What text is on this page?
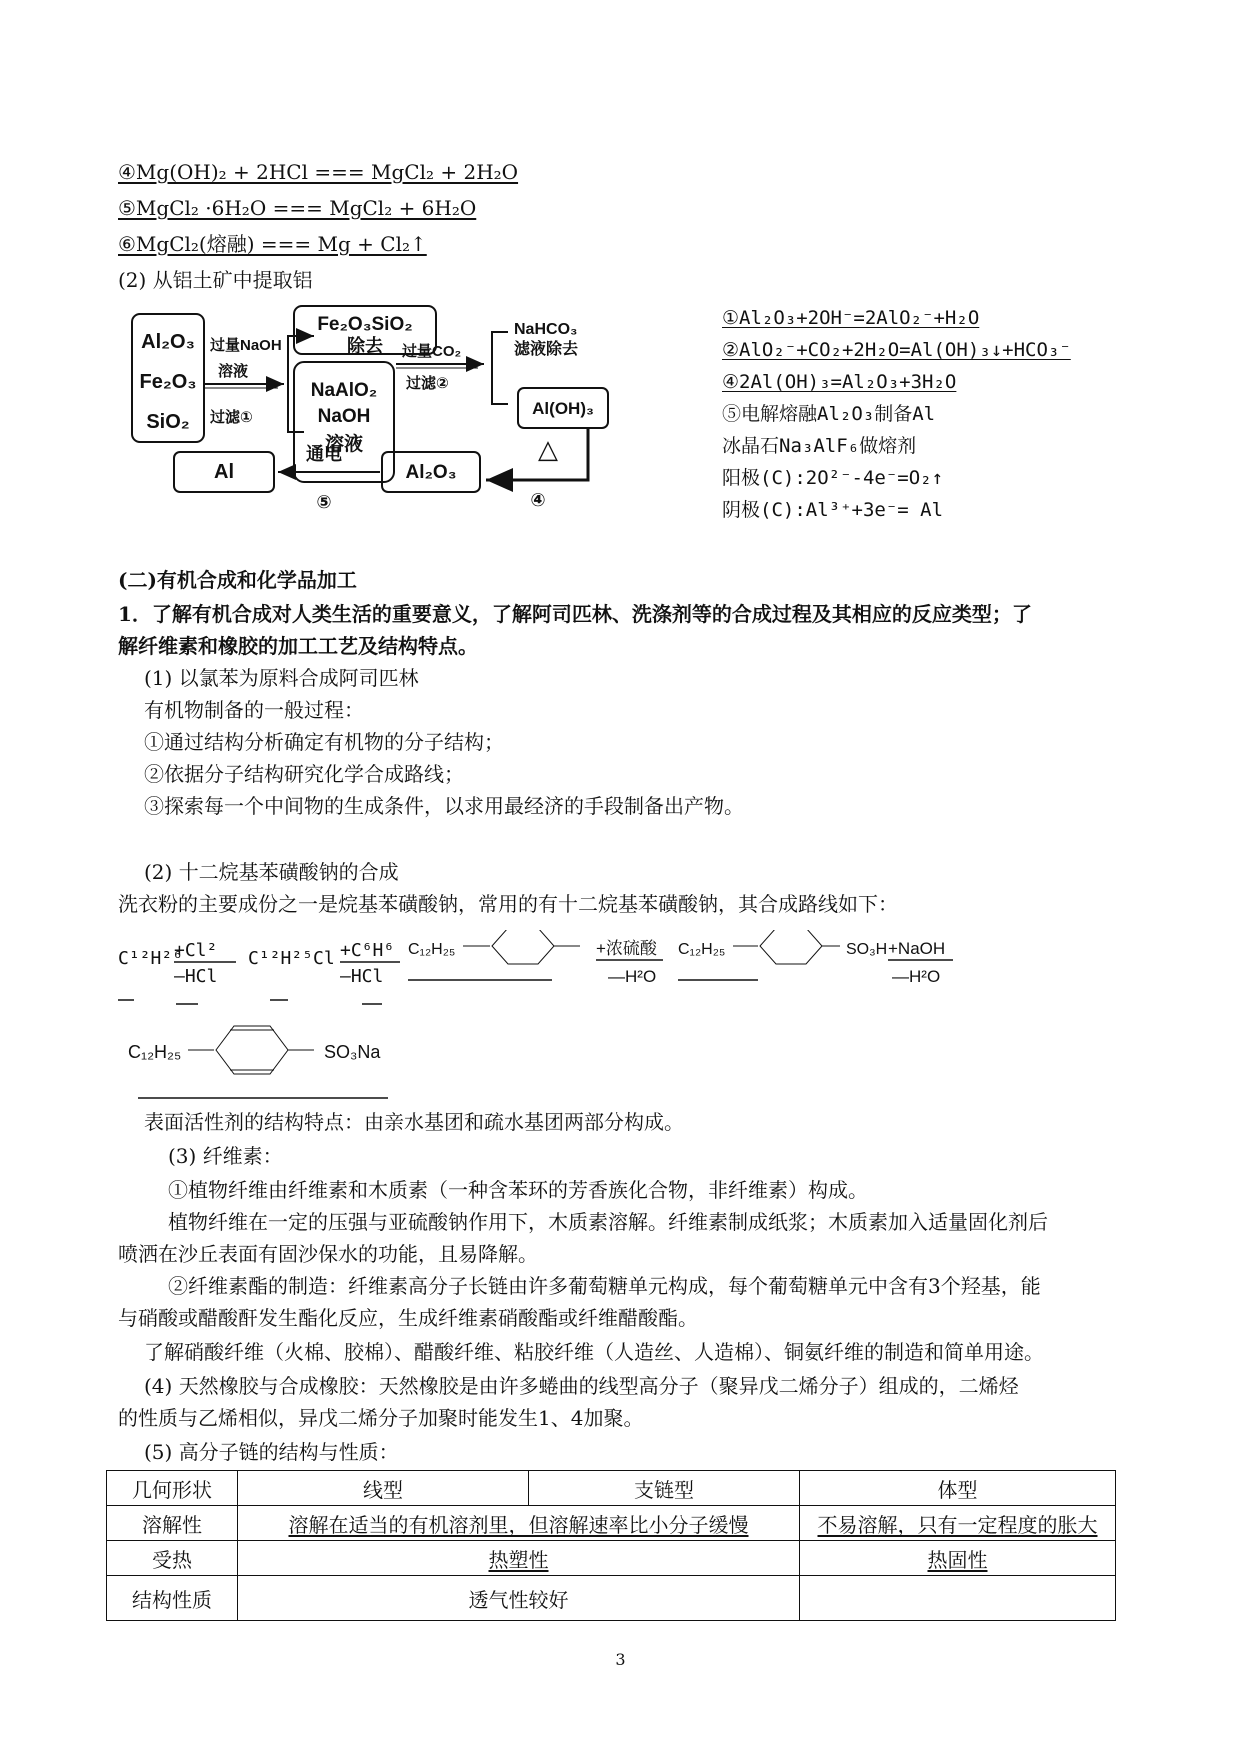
④Mg(OH)₂ + 2HCl === MgCl₂ + 2H₂O
⑤MgCl₂ ·6H₂O === MgCl₂ + 6H₂O
⑥MgCl₂(熔融) === Mg + Cl₂↑
(2) 从铝土矿中提取铝
Al₂O₃
Fe₂O₃
SiO₂
过量NaOH
溶液
过滤①
Fe₂O₃SiO₂
除去
NaAlO₂
NaOH
溶液
过量CO₂
过滤②
NaHCO₃
滤液除去
Al(OH)₃
△
④
Al₂O₃
通电
⑤
Al
①Al₂O₃+2OH⁻=2AlO₂⁻+H₂O
②AlO₂⁻+CO₂+2H₂O=Al(OH)₃↓+HCO₃⁻
④2Al(OH)₃=Al₂O₃+3H₂O
⑤电解熔融Al₂O₃制备Al
冰晶石Na₃AlF₆做熔剂
阳极(C):2O²⁻-4e⁻=O₂↑
阴极(C):Al³⁺+3e⁻= Al
(二)有机合成和化学品加工
1．了解有机合成对人类生活的重要意义，了解阿司匹林、洗涤剂等的合成过程及其相应的反应类型；了
解纤维素和橡胶的加工工艺及结构特点。
(1) 以氯苯为原料合成阿司匹林
有机物制备的一般过程：
①通过结构分析确定有机物的分子结构；
②依据分子结构研究化学合成路线；
③探索每一个中间物的生成条件，以求用最经济的手段制备出产物。
(2) 十二烷基苯磺酸钠的合成
洗衣粉的主要成份之一是烷基苯磺酸钠，常用的有十二烷基苯磺酸钠，其合成路线如下：
C¹²H²⁶
+Cl²
—HCl
C¹²H²⁵Cl +C⁶H⁶
—HCl
C₁₂H₂₅	+浓硫酸
—H²O
C₁₂H₂₅	SO₃H +NaOH
—H²O
C₁₂H₂₅	SO₃Na
表面活性剂的结构特点：由亲水基团和疏水基团两部分构成。
(3) 纤维素：
①植物纤维由纤维素和木质素（一种含苯环的芳香族化合物，非纤维素）构成。
植物纤维在一定的压强与亚硫酸钠作用下，木质素溶解。纤维素制成纸浆；木质素加入适量固化剂后
喷洒在沙丘表面有固沙保水的功能，且易降解。
②纤维素酯的制造：纤维素高分子长链由许多葡萄糖单元构成，每个葡萄糖单元中含有3个羟基，能
与硝酸或醋酸酐发生酯化反应，生成纤维素硝酸酯或纤维醋酸酯。
了解硝酸纤维（火棉、胶棉）、醋酸纤维、粘胶纤维（人造丝、人造棉）、铜氨纤维的制造和简单用途。
(4) 天然橡胶与合成橡胶：天然橡胶是由许多蜷曲的线型高分子（聚异戊二烯分子）组成的，二烯烃
的性质与乙烯相似，异戊二烯分子加聚时能发生1、4加聚。
(5) 高分子链的结构与性质：
几何形状	线型	支链型	体型
溶解性	溶解在适当的有机溶剂里，但溶解速率比小分子缓慢		不易溶解，只有一定程度的胀大
受热	热塑性		热固性
结构性质	透气性较好		
3
